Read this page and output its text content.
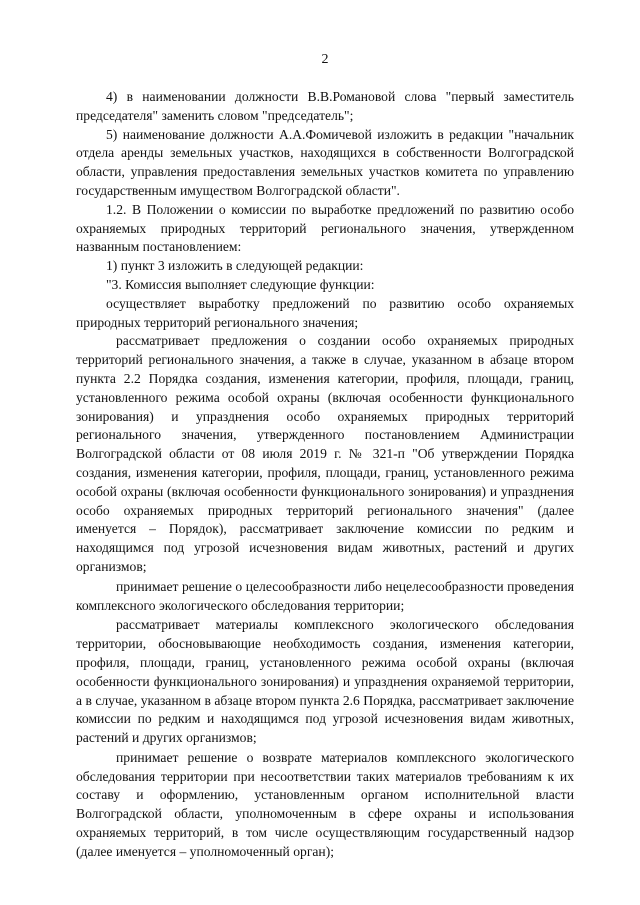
2

4) в наименовании должности В.В.Романовой слова "первый заместитель председателя" заменить словом "председатель";

5) наименование должности А.А.Фомичевой изложить в редакции "начальник отдела аренды земельных участков, находящихся в собственности Волгоградской области, управления предоставления земельных участков комитета по управлению государственным имуществом Волгоградской области".

1.2. В Положении о комиссии по выработке предложений по развитию особо охраняемых природных территорий регионального значения, утвержденном названным постановлением:

1) пункт 3 изложить в следующей редакции:

"3. Комиссия выполняет следующие функции:

осуществляет выработку предложений по развитию особо охраняемых природных территорий регионального значения;

рассматривает предложения о создании особо охраняемых природных территорий регионального значения, а также в случае, указанном в абзаце втором пункта 2.2 Порядка создания, изменения категории, профиля, площади, границ, установленного режима особой охраны (включая особенности функционального зонирования) и упразднения особо охраняемых природных территорий регионального значения, утвержденного постановлением Администрации Волгоградской области от 08 июля 2019 г. № 321-п "Об утверждении Порядка создания, изменения категории, профиля, площади, границ, установленного режима особой охраны (включая особенности функционального зонирования) и упразднения особо охраняемых природных территорий регионального значения" (далее именуется – Порядок), рассматривает заключение комиссии по редким и находящимся под угрозой исчезновения видам животных, растений и других организмов;

принимает решение о целесообразности либо нецелесообразности проведения комплексного экологического обследования территории;

рассматривает материалы комплексного экологического обследования территории, обосновывающие необходимость создания, изменения категории, профиля, площади, границ, установленного режима особой охраны (включая особенности функционального зонирования) и упразднения охраняемой территории, а в случае, указанном в абзаце втором пункта 2.6 Порядка, рассматривает заключение комиссии по редким и находящимся под угрозой исчезновения видам животных, растений и других организмов;

принимает решение о возврате материалов комплексного экологического обследования территории при несоответствии таких материалов требованиям к их составу и оформлению, установленным органом исполнительной власти Волгоградской области, уполномоченным в сфере охраны и использования охраняемых территорий, в том числе осуществляющим государственный надзор (далее именуется – уполномоченный орган);
